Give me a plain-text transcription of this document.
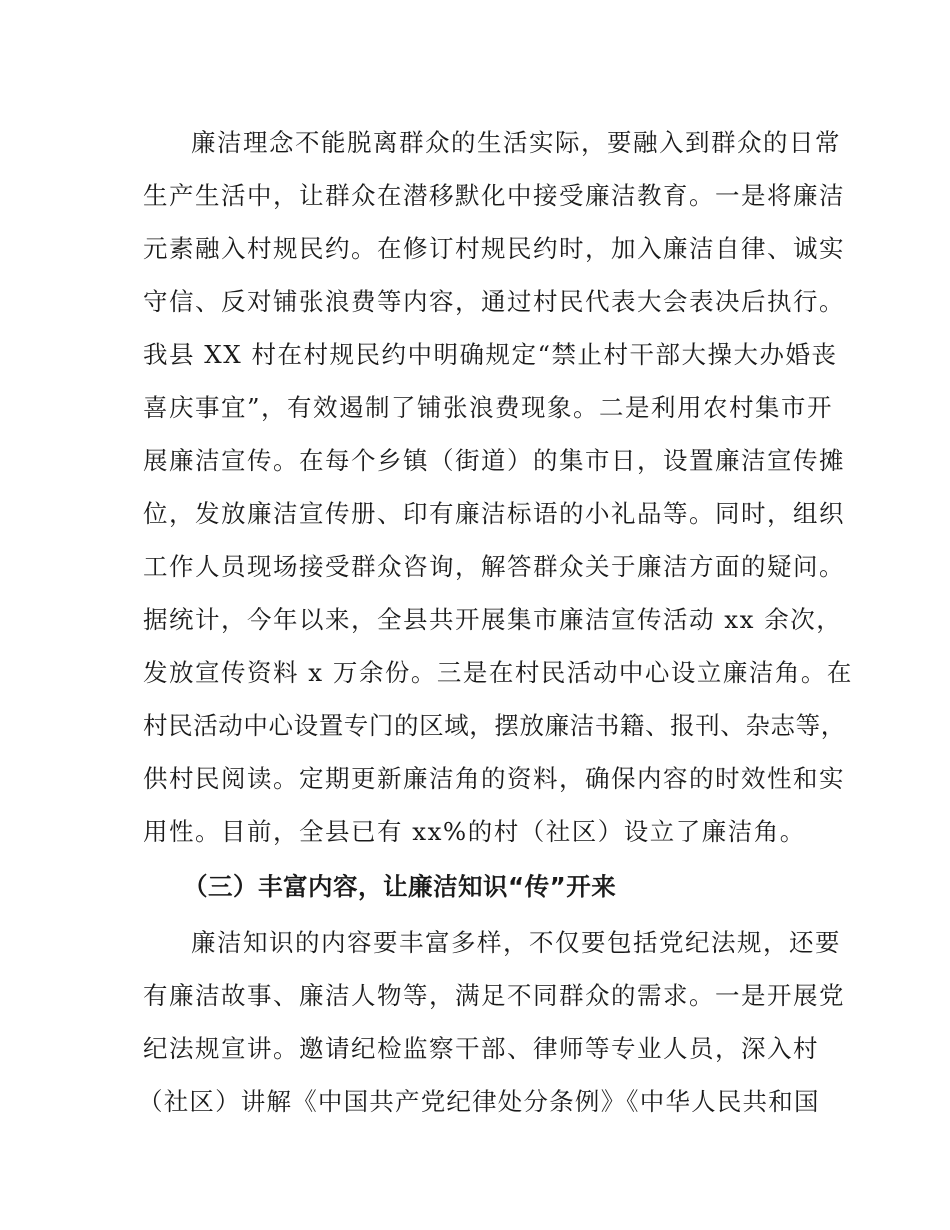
廉洁理念不能脱离群众的生活实际，要融入到群众的日常
生产生活中，让群众在潜移默化中接受廉洁教育。一是将廉洁
元素融入村规民约。在修订村规民约时，加入廉洁自律、诚实
守信、反对铺张浪费等内容，通过村民代表大会表决后执行。
我县 XX 村在村规民约中明确规定“禁止村干部大操大办婚丧
喜庆事宜”，有效遏制了铺张浪费现象。二是利用农村集市开
展廉洁宣传。在每个乡镇（街道）的集市日，设置廉洁宣传摊
位，发放廉洁宣传册、印有廉洁标语的小礼品等。同时，组织
工作人员现场接受群众咨询，解答群众关于廉洁方面的疑问。
据统计，今年以来，全县共开展集市廉洁宣传活动 xx 余次，
发放宣传资料 x 万余份。三是在村民活动中心设立廉洁角。在
村民活动中心设置专门的区域，摆放廉洁书籍、报刊、杂志等，
供村民阅读。定期更新廉洁角的资料，确保内容的时效性和实
用性。目前，全县已有 xx%的村（社区）设立了廉洁角。
（三）丰富内容，让廉洁知识“传”开来
廉洁知识的内容要丰富多样，不仅要包括党纪法规，还要
有廉洁故事、廉洁人物等，满足不同群众的需求。一是开展党
纪法规宣讲。邀请纪检监察干部、律师等专业人员，深入村
（社区）讲解《中国共产党纪律处分条例》《中华人民共和国
